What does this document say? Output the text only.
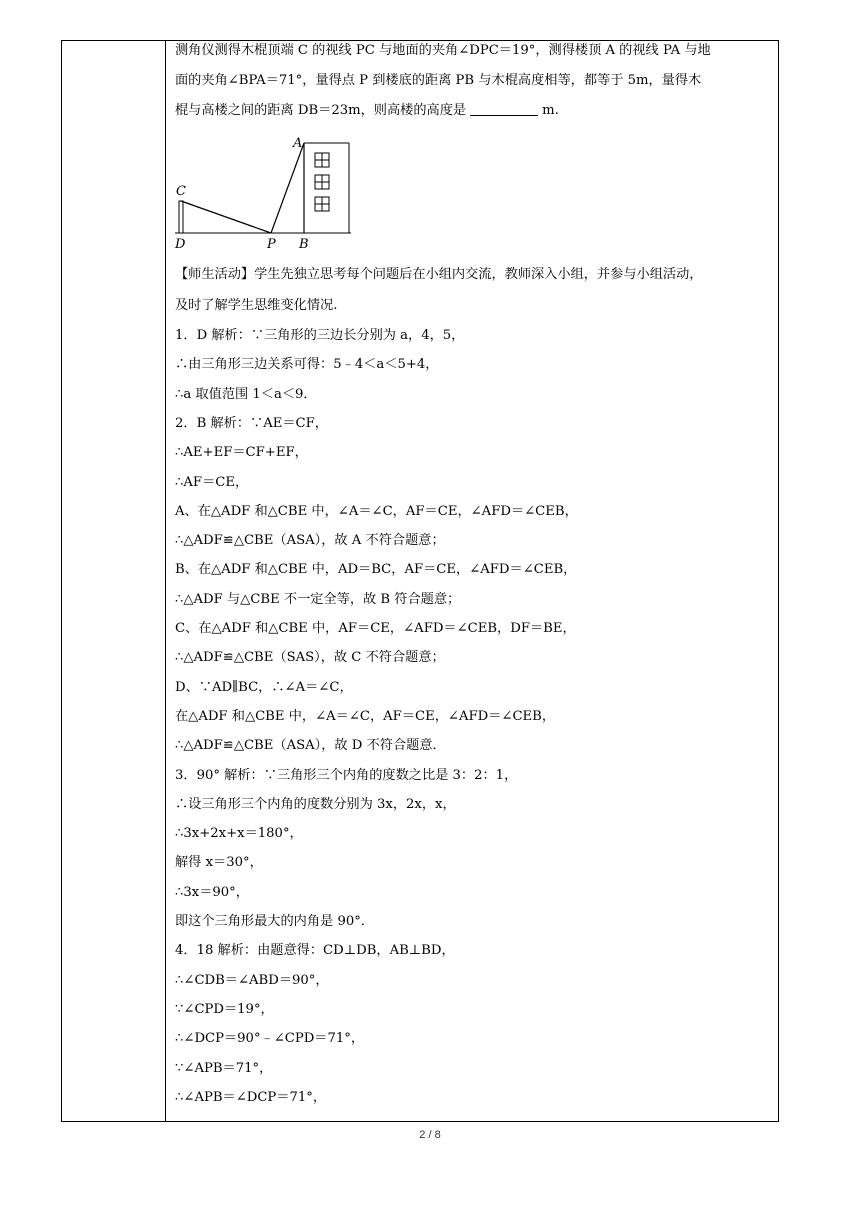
测角仪测得木棍顶端 C 的视线 PC 与地面的夹角∠DPC＝19°，测得楼顶 A 的视线 PA 与地
面的夹角∠BPA＝71°，量得点 P 到楼底的距离 PB 与木棍高度相等，都等于 5m，量得木
棍与高楼之间的距离 DB＝23m，则高楼的高度是	m.
C
D	P B
A
【师生活动】学生先独立思考每个问题后在小组内交流，教师深入小组，并参与小组活动，
及时了解学生思维变化情况.
1．D 解析：∵三角形的三边长分别为 a，4，5，
∴由三角形三边关系可得：5﹣4＜a＜5+4，
∴a 取值范围 1＜a＜9．
2．B 解析：∵AE＝CF，
∴AE+EF＝CF+EF，
∴AF＝CE，
A、在△ADF 和△CBE 中，∠A＝∠C，AF＝CE，∠AFD＝∠CEB，
∴△ADF≌△CBE（ASA），故 A 不符合题意；
B、在△ADF 和△CBE 中，AD＝BC，AF＝CE，∠AFD＝∠CEB，
∴△ADF 与△CBE 不一定全等，故 B 符合题意；
C、在△ADF 和△CBE 中，AF＝CE，∠AFD＝∠CEB，DF＝BE，
∴△ADF≌△CBE（SAS），故 C 不符合题意；
D、∵AD∥BC，∴∠A＝∠C，
在△ADF 和△CBE 中，∠A＝∠C，AF＝CE，∠AFD＝∠CEB，
∴△ADF≌△CBE（ASA），故 D 不符合题意．
3．90° 解析：∵三角形三个内角的度数之比是 3：2：1，
∴设三角形三个内角的度数分别为 3x，2x，x，
∴3x+2x+x＝180°，
解得 x＝30°，
∴3x＝90°，
即这个三角形最大的内角是 90°．
4．18 解析：由题意得：CD⊥DB，AB⊥BD，
∴∠CDB＝∠ABD＝90°，
∵∠CPD＝19°，
∴∠DCP＝90°﹣∠CPD＝71°，
∵∠APB＝71°，
∴∠APB＝∠DCP＝71°，
2 / 8
